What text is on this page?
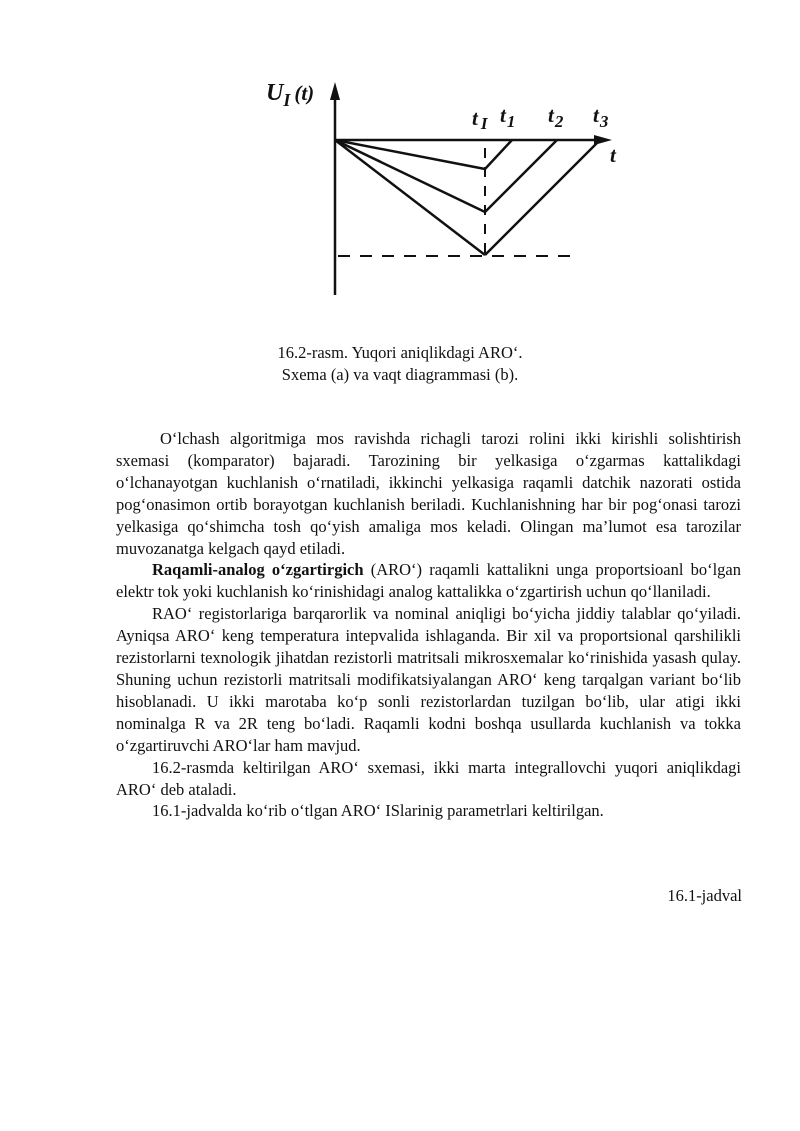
$U_I$ (t)
t
t I $t_1$ $t_2$ $t_3$
16.2-rasm. Yuqori aniqlikdagi ARO‘.
Sxema (a) va vaqt diagrammasi (b).

O‘lchash algoritmiga mos ravishda richagli tarozi rolini ikki kirishli solishtirish sxemasi (komparator) bajaradi. Tarozining bir yelkasiga o‘zgarmas kattalikdagi o‘lchanayotgan kuchlanish o‘rnatiladi, ikkinchi yelkasiga raqamli datchik nazorati ostida pog‘onasimon ortib borayotgan kuchlanish beriladi. Kuchlanishning har bir pog‘onasi tarozi yelkasiga qo‘shimcha tosh qo‘yish amaliga mos keladi. Olingan ma’lumot esa tarozilar muvozanatga kelgach qayd etiladi.

Raqamli-analog o‘zgartirgich (ARO‘) raqamli kattalikni unga proportsioanl bo‘lgan elektr tok yoki kuchlanish ko‘rinishidagi analog kattalikka o‘zgartirish uchun qo‘llaniladi.

RAO‘ registorlariga barqarorlik va nominal aniqligi bo‘yicha jiddiy talablar qo‘yiladi. Ayniqsa ARO‘ keng temperatura intepvalida ishlaganda. Bir xil va proportsional qarshilikli rezistorlarni texnologik jihatdan rezistorli matritsali mikrosxemalar ko‘rinishida yasash qulay. Shuning uchun rezistorli matritsali modifikatsiyalangan ARO‘ keng tarqalgan variant bo‘lib hisoblanadi. U ikki marotaba ko‘p sonli rezistorlardan tuzilgan bo‘lib, ular atigi ikki nominalga R va 2R teng bo‘ladi. Raqamli kodni boshqa usullarda kuchlanish va tokka o‘zgartiruvchi ARO‘lar ham mavjud.

16.2-rasmda keltirilgan ARO‘ sxemasi, ikki marta integrallovchi yuqori aniqlikdagi ARO‘ deb ataladi.

16.1-jadvalda ko‘rib o‘tlgan ARO‘ ISlarinig parametrlari keltirilgan.

16.1-jadval
